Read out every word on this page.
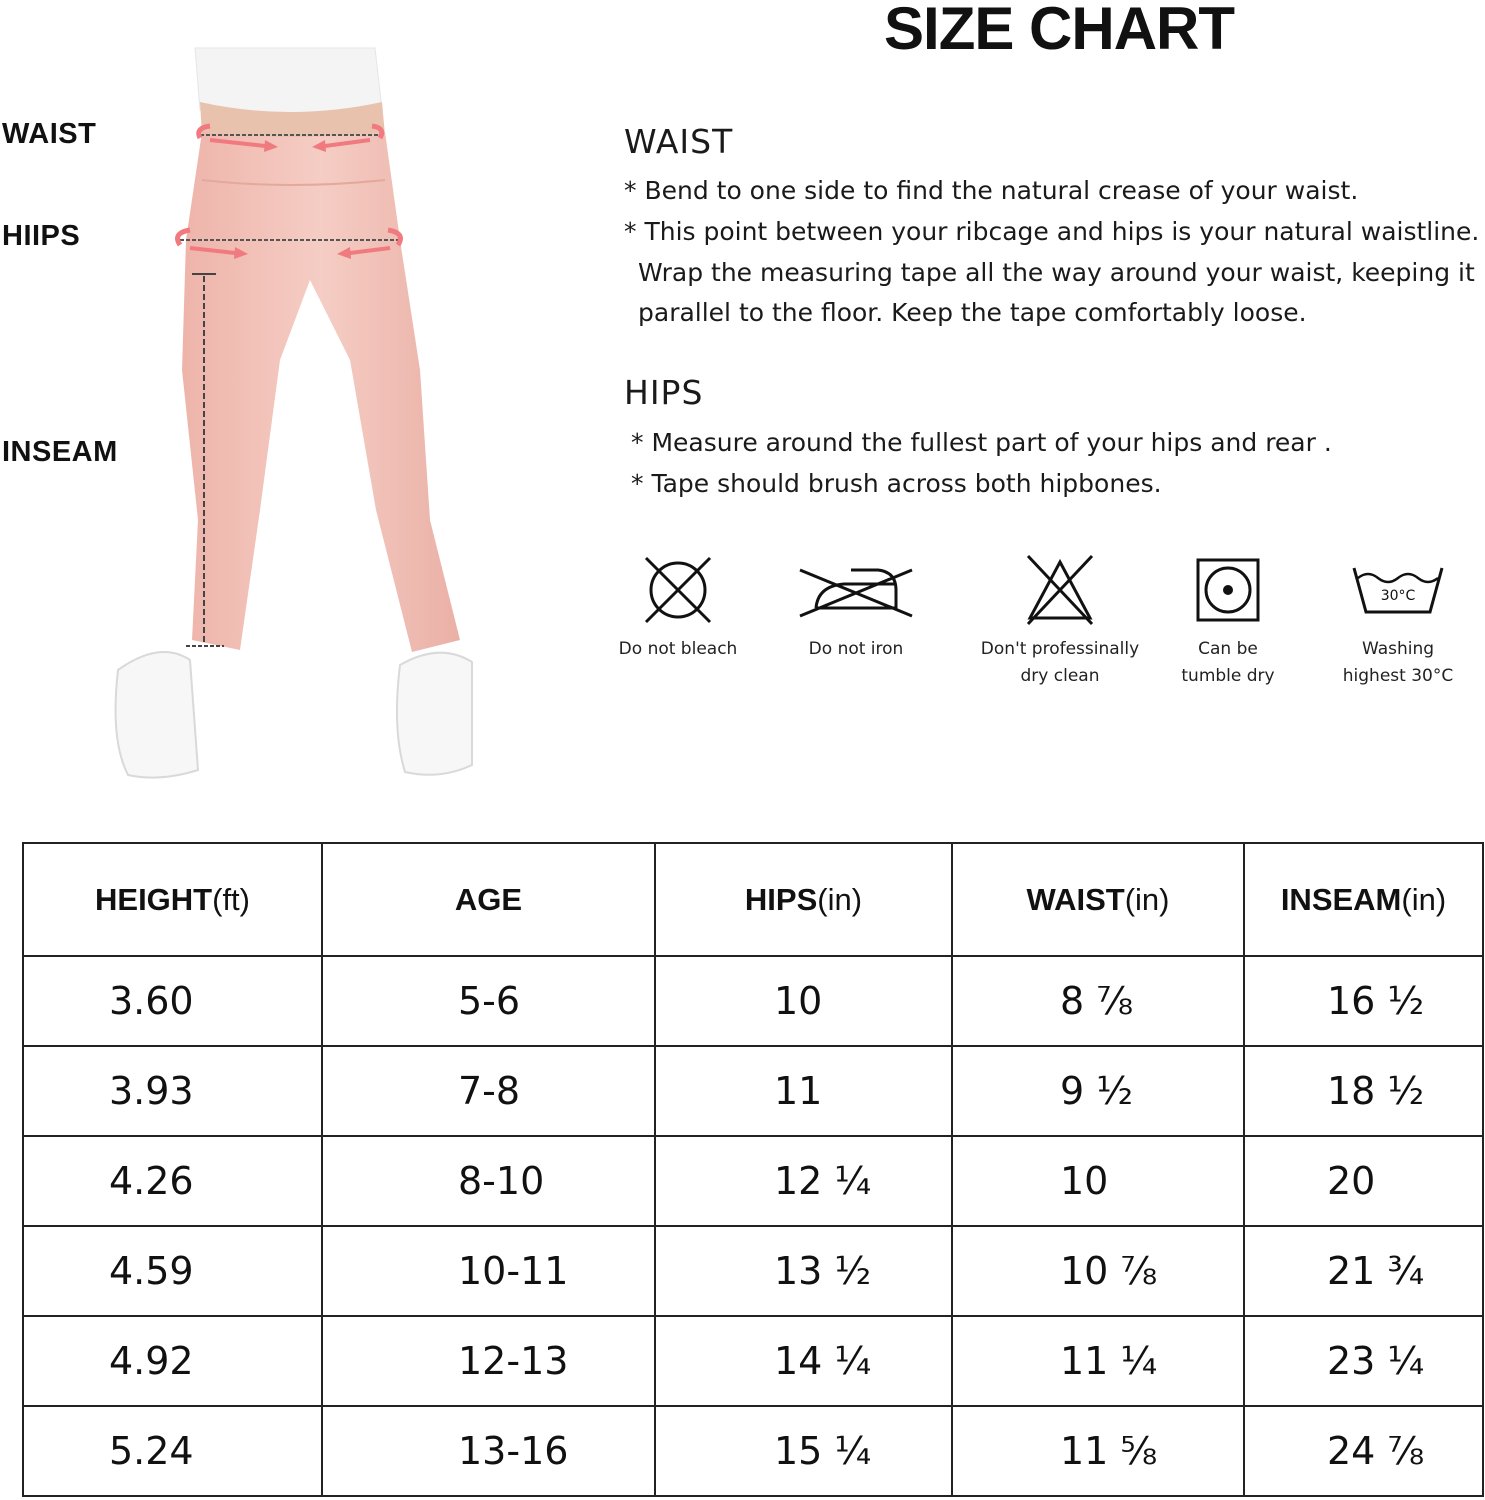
SIZE CHART
WAIST
HIIPS
INSEAM
WAIST
* Bend to one side to find the natural crease of your waist.
* This point between your ribcage and hips is your natural waistline.
Wrap the measuring tape all the way around your waist, keeping it
parallel to the floor. Keep the tape comfortably loose.
HIPS
* Measure around the fullest part of your hips and rear .
* Tape should brush across both hipbones.
Do not bleach	Do not iron	Don't professinally
dry clean
Can be
tumble dry
30°C
Washing
highest 30°C
HEIGHT(ft)	AGE	HIPS(in)	WAIST(in)	INSEAM(in)
3.60	5-6	10	8 ⅞	16 ½
3.93	7-8	11	9 ½	18 ½
4.26	8-10	12 ¼	10	20
4.59	10-11	13 ½	10 ⅞	21 ¾
4.92	12-13	14 ¼	11 ¼	23 ¼
5.24	13-16	15 ¼	11 ⅝	24 ⅞
